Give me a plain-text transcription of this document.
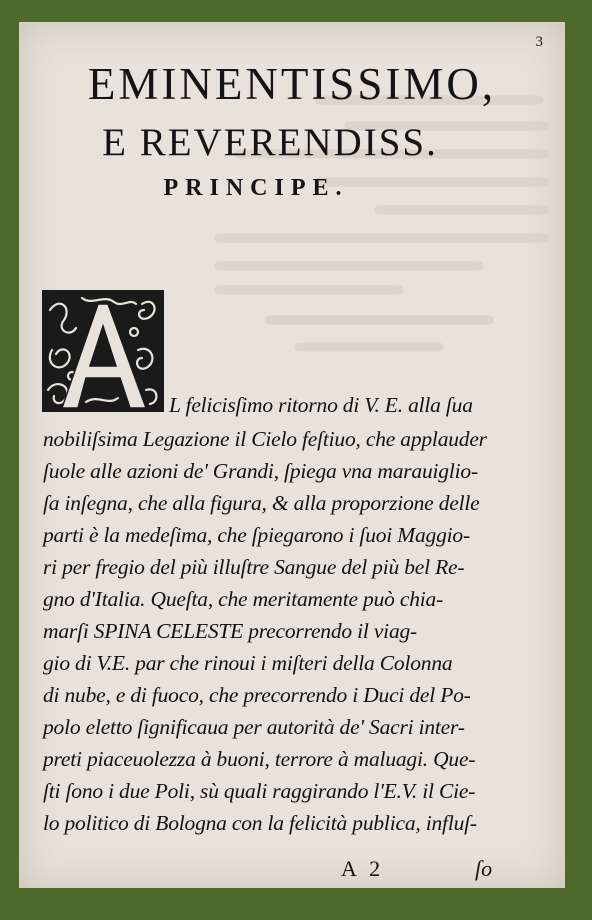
3
EMINENTISSIMO,
E REVERENDISS.
PRINCIPE.
L felicisſimo ritorno di V. E. alla ſua
nobiliſsima Legazione il Cielo feſtiuo, che applauder
ſuole alle azioni de' Grandi, ſpiega vna marauiglio-
ſa inſegna, che alla figura, & alla proporzione delle
parti è la medeſima, che ſpiegarono i ſuoi Maggio-
ri per fregio del più illuſtre Sangue del più bel Re-
gno d'Italia. Queſta, che meritamente può chia-
marſi SPINA CELESTE precorrendo il viag-
gio di V.E. par che rinoui i miſteri della Colonna
di nube, e di fuoco, che precorrendo i Duci del Po-
polo eletto ſignificaua per autorità de' Sacri inter-
preti piaceuolezza à buoni, terrore à maluagi. Que-
ſti ſono i due Poli, sù quali raggirando l'E.V. il Cie-
lo politico di Bologna con la felicità publica, influſ-
A 2	ſo
